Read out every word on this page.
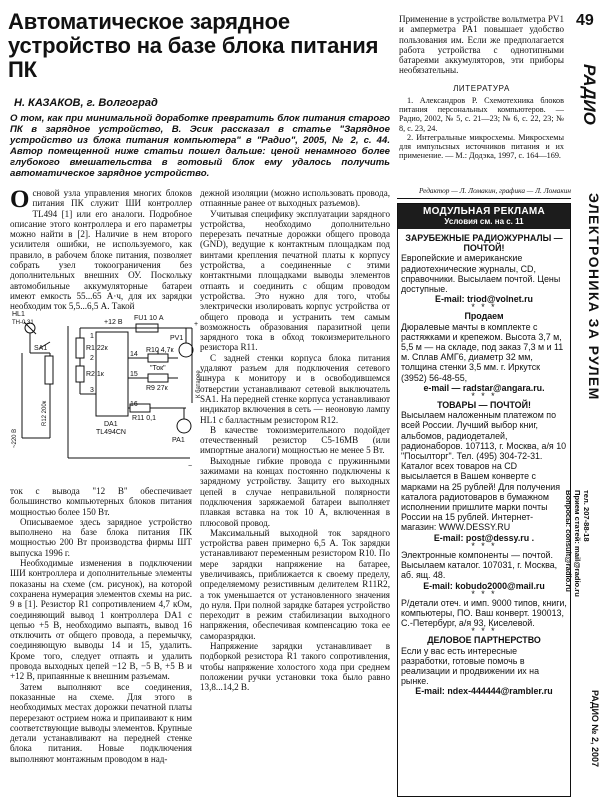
Автоматическое зарядное устройство на базе блока питания ПК
Н. КАЗАКОВ, г. Волгоград

О том, как при минимальной доработке превратить блок питания старого ПК в зарядное устройство, В. Эсик рассказал в статье "Зарядное устройство из блока питания компьютера" в "Радио", 2005, № 2, с. 44. Автор помещенной ниже статьи пошел дальше: ценой ненамного более глубокого вмешательства в готовый блок ему удалось получить автоматическое зарядное устройство.

Основой узла управления многих блоков питания ПК служит ШИ контроллер TL494 [1] или его аналоги. Подробное описание этого контроллера и его параметры можно найти в [2]. Наличие в нем второго усилителя ошибки, не используемого, как правило, в рабочем блоке питания, позволяет собрать узел токоограничения без дополнительных внешних ОУ. Поскольку автомобильные аккумуляторные батареи имеют емкость 55...65 А·ч, для их зарядки необходим ток 5,5...6,5 А. Такой

HL1
ТН-0,31
SA1
R12 200к
~220 В
R1 22к
R2 1к
+12 В
FU1 10 А
PV1
R10 4,7к
"Ток"
R11 0,1
R9 27к
DA1
TL494CN
PA1
К батарее
+
−
1
2
3
14
15
16

ток с вывода "12 В" обеспечивает большинство компьютерных блоков питания мощностью более 150 Вт.

Описываемое здесь зарядное устройство выполнено на базе блока питания ПК мощностью 200 Вт производства фирмы ШТ выпуска 1996 г.

Необходимые изменения в подключении ШИ контроллера и дополнительные элементы показаны на схеме (см. рисунок), на которой сохранена нумерация элементов схемы на рис. 9 в [1]. Резистор R1 сопротивлением 4,7 кОм, соединяющий вывод 1 контроллера DA1 с цепью +5 В, необходимо выпаять, вывод 16 отключить от общего провода, а перемычку, соединяющую выводы 14 и 15, удалить. Кроме того, следует отпаять и удалить провода выходных цепей −12 В, −5 В, +5 В и +12 В, припаянные к внешним разъемам.

Затем выполняют все соединения, показанные на схеме. Для этого в необходимых местах дорожки печатной платы перерезают острием ножа и припаивают к ним соответствующие выводы элементов. Крупные детали устанавливают на передней стенке блока питания. Новые подключения выполняют монтажным проводом в над-

дежной изоляции (можно использовать провода, отпаянные ранее от выходных разъемов).

Учитывая специфику эксплуатации зарядного устройства, необходимо дополнительно перерезать печатные дорожки общего провода (GND), ведущие к контактным площадкам под винтами крепления печатной платы к корпусу устройства, а соединенные с этими контактными площадками выводы элементов отпаять и соединить с общим проводом устройства. Это нужно для того, чтобы электрически изолировать корпус устройства от общего провода и устранить тем самым возможность образования паразитной цепи зарядного тока в обход токоизмерительного резистора R11.

С задней стенки корпуса блока питания удаляют разъем для подключения сетевого шнура к монитору и в освободившемся отверстии устанавливают сетевой выключатель SA1. На передней стенке корпуса устанавливают индикатор включения в сеть — неоновую лампу HL1 с балластным резистором R12.

В качестве токоизмерительного подойдет отечественный резистор С5-16МВ (или импортные аналоги) мощностью не менее 5 Вт.

Выходные гибкие провода с пружинными зажимами на концах постоянно подключены к зарядному устройству. Защиту его выходных цепей в случае неправильной полярности подключения заряжаемой батареи выполняет плавкая вставка на ток 10 А, включенная в плюсовой провод.

Максимальный выходной ток зарядного устройства равен примерно 6,5 А. Ток зарядки устанавливают переменным резистором R10. По мере зарядки напряжение на батарее, увеличиваясь, приближается к своему пределу, определяемому резистивным делителем R11R2, а ток уменьшается от установленного значения до нуля. При полной зарядке батарея устройство переходит в режим стабилизации выходного напряжения, обеспечивая компенсацию тока ее саморазрядки.

Напряжение зарядки устанавливает в подборкой резистора R1 такого сопротивления, чтобы напряжение холостого хода при среднем положении ручки установки тока было равно 13,8...14,2 В.

Применение в устройстве вольтметра PV1 и амперметра PA1 повышает удобство пользования им. Если же предполагается работа устройства с однотипными батареями аккумуляторов, эти приборы необязательны.

49
ЛИТЕРАТУРА

1. Александров Р. Схемотехника блоков питания персональных компьютеров. — Радио, 2002, № 5, с. 21—23; № 6, с. 22, 23; № 8, с. 23, 24.

2. Интегральные микросхемы. Микросхемы для импульсных источников питания и их применение. — М.: Додэка, 1997, с. 164—169.

Редактор — Л. Ломакин, графика — Л. Ломакин
МОДУЛЬНАЯ РЕКЛАМА
Условия см. на с. 11
ЗАРУБЕЖНЫЕ РАДИОЖУРНАЛЫ — ПОЧТОЙ!
Европейские и американские радиотехнические журналы, CD, справочники. Высылаем почтой. Цены доступные.
E-mail: triod@volnet.ru
* * *
Продаем
Дюралевые мачты в комплекте с растяжками и крепежом. Высота 3,7 м, 5,5 м — на складе, под заказ 7,3 м и 11 м. Сплав АМГ6, диаметр 32 мм, толщина стенки 3,5 мм. г. Иркутск (3952) 56-48-55,
e-mail — radstar@angara.ru.
* * *
ТОВАРЫ — ПОЧТОЙ!
Высылаем наложенным платежом по всей России. Лучший выбор книг, альбомов, радиодеталей, радионаборов. 107113, г. Москва, а/я 10 "Посылторг". Тел. (495) 304-72-31. Каталог всех товаров на CD высылается в Вашем конверте с марками на 25 рублей! Для получения каталога радиотоваров в бумажном исполнении пришлите марки почты России на 15 рублей. Интернет-магазин: WWW.DESSY.RU
E-mail: post@dessy.ru .
* * *
Электронные компоненты — почтой. Высылаем каталог. 107031, г. Москва, аб. ящ. 48.
E-mail: kobudo2000@mail.ru
* * *
Р/детали отеч. и имп. 9000 типов, книги, компьютеры, ПО. Ваш конверт. 190013, С.-Петербург, а/я 93, Киселевой.
* * *
ДЕЛОВОЕ ПАРТНЕРСТВО
Если у вас есть интересные разработки, готовые помочь в реализации и продвижении их на рынке.
E-mail: ndex-444444@rambler.ru
РАДИО
ЭЛЕКТРОНИКА ЗА РУЛЕМ
тел. 207-88-18
Прием статей: mail@radio.ru
Вопросы: consult@radio.ru
РАДИО № 2, 2007
